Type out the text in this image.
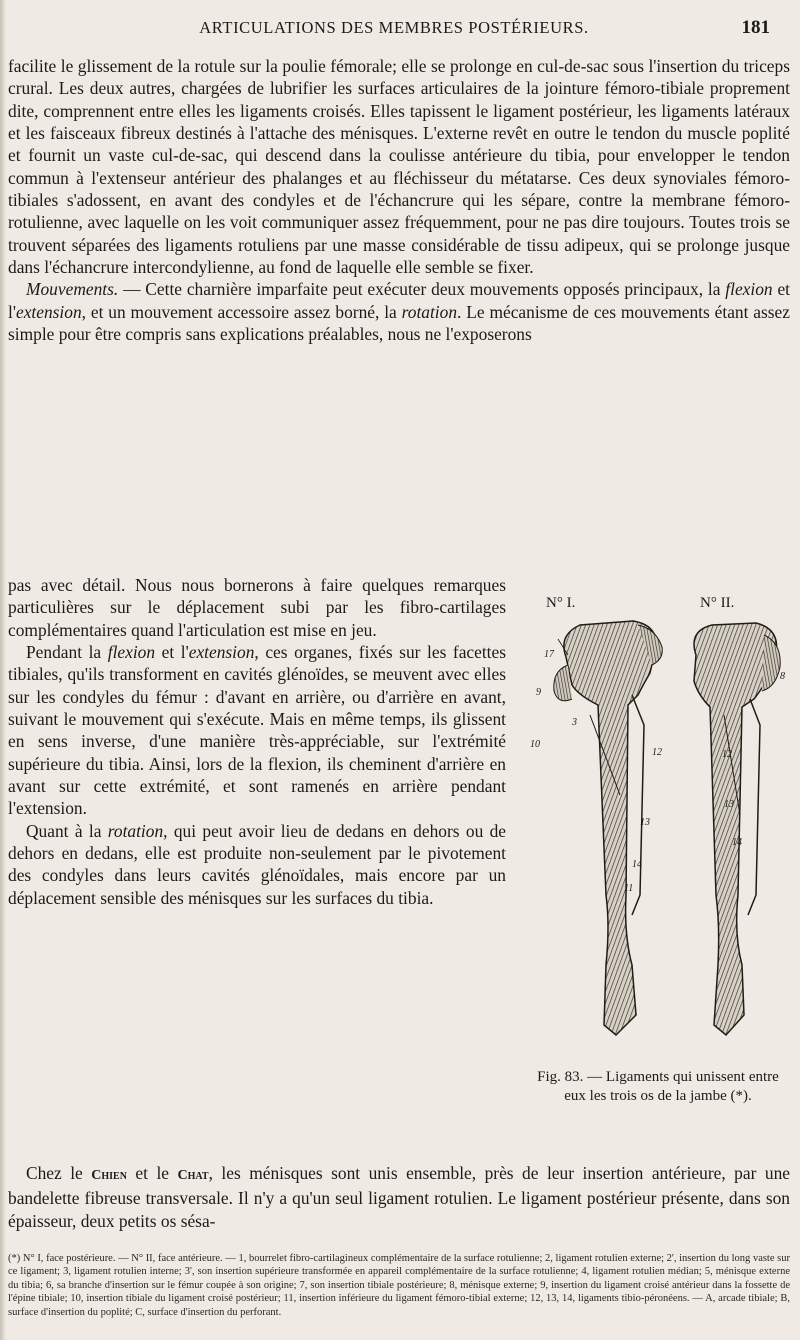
ARTICULATIONS DES MEMBRES POSTÉRIEURS.	181

facilite le glissement de la rotule sur la poulie fémorale; elle se prolonge en cul-de-sac sous l'insertion du triceps crural. Les deux autres, chargées de lubrifier les surfaces articulaires de la jointure fémoro-tibiale proprement dite, comprennent entre elles les ligaments croisés. Elles tapissent le ligament postérieur, les ligaments latéraux et les faisceaux fibreux destinés à l'attache des ménisques. L'externe revêt en outre le tendon du muscle poplité et fournit un vaste cul-de-sac, qui descend dans la coulisse antérieure du tibia, pour envelopper le tendon commun à l'extenseur antérieur des phalanges et au fléchisseur du métatarse. Ces deux synoviales fémoro-tibiales s'adossent, en avant des condyles et de l'échancrure qui les sépare, contre la membrane fémoro-rotulienne, avec laquelle on les voit communiquer assez fréquemment, pour ne pas dire toujours. Toutes trois se trouvent séparées des ligaments rotuliens par une masse considérable de tissu adipeux, qui se prolonge jusque dans l'échancrure intercondylienne, au fond de laquelle elle semble se fixer.
Mouvements. — Cette charnière imparfaite peut exécuter deux mouvements opposés principaux, la flexion et l'extension, et un mouvement accessoire assez borné, la rotation. Le mécanisme de ces mouvements étant assez simple pour être compris sans explications préalables, nous ne l'exposerons

pas avec détail. Nous nous bornerons à faire quelques remarques particulières sur le déplacement subi par les fibro-cartilages complémentaires quand l'articulation est mise en jeu.
Pendant la flexion et l'extension, ces organes, fixés sur les facettes tibiales, qu'ils transforment en cavités glénoïdes, se meuvent avec elles sur les condyles du fémur : d'avant en arrière, ou d'arrière en avant, suivant le mouvement qui s'exécute. Mais en même temps, ils glissent en sens inverse, d'une manière très-appréciable, sur l'extrémité supérieure du tibia. Ainsi, lors de la flexion, ils cheminent d'arrière en avant sur cette extrémité, et sont ramenés en arrière pendant l'extension.
Quant à la rotation, qui peut avoir lieu de dedans en dehors ou de dehors en dedans, elle est produite non-seulement par le pivotement des condyles dans leurs cavités glénoïdales, mais encore par un déplacement sensible des ménisques sur les surfaces du tibia.

N° I.	N° II.
17
9
10
3
12
13
14
11
8
12
13
14
Fig. 83. — Ligaments qui unissent entre eux les trois os de la jambe (*).

Chez le Chien et le Chat, les ménisques sont unis ensemble, près de leur insertion antérieure, par une bandelette fibreuse transversale. Il n'y a qu'un seul ligament rotulien. Le ligament postérieur présente, dans son épaisseur, deux petits os sésa-

(*) N° I, face postérieure. — N° II, face antérieure. — 1, bourrelet fibro-cartilagineux complémentaire de la surface rotulienne; 2, ligament rotulien externe; 2', insertion du long vaste sur ce ligament; 3, ligament rotulien interne; 3', son insertion supérieure transformée en appareil complémentaire de la surface rotulienne; 4, ligament rotulien médian; 5, ménisque externe du tibia; 6, sa branche d'insertion sur le fémur coupée à son origine; 7, son insertion tibiale postérieure; 8, ménisque externe; 9, insertion du ligament croisé antérieur dans la fossette de l'épine tibiale; 10, insertion tibiale du ligament croisé postérieur; 11, insertion inférieure du ligament fémoro-tibial externe; 12, 13, 14, ligaments tibio-péronéens. — A, arcade tibiale; B, surface d'insertion du poplité; C, surface d'insertion du perforant.
